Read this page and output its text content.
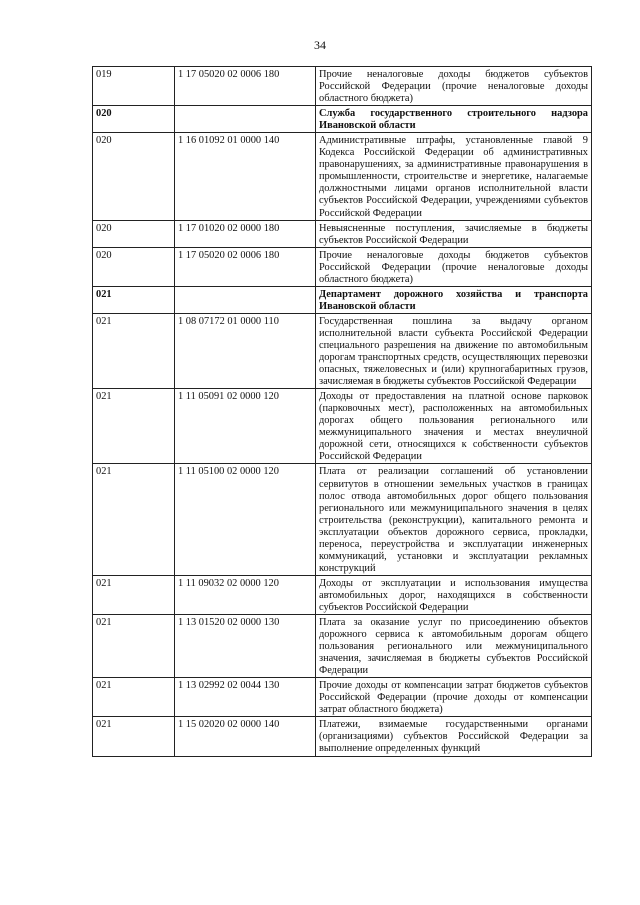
34
019	1 17 05020 02 0006 180	Прочие неналоговые доходы бюджетов субъектов Российской Федерации (прочие неналоговые доходы областного бюджета)
020		Служба государственного строительного надзора Ивановской области
020	1 16 01092 01 0000 140	Административные штрафы, установленные главой 9 Кодекса Российской Федерации об административных правонарушениях, за административные правонарушения в промышленности, строительстве и энергетике, налагаемые должностными лицами органов исполнительной власти субъектов Российской Федерации, учреждениями субъектов Российской Федерации
020	1 17 01020 02 0000 180	Невыясненные поступления, зачисляемые в бюджеты субъектов Российской Федерации
020	1 17 05020 02 0006 180	Прочие неналоговые доходы бюджетов субъектов Российской Федерации (прочие неналоговые доходы областного бюджета)
021		Департамент дорожного хозяйства и транспорта Ивановской области
021	1 08 07172 01 0000 110	Государственная пошлина за выдачу органом исполнительной власти субъекта Российской Федерации специального разрешения на движение по автомобильным дорогам транспортных средств, осуществляющих перевозки опасных, тяжеловесных и (или) крупногабаритных грузов, зачисляемая в бюджеты субъектов Российской Федерации
021	1 11 05091 02 0000 120	Доходы от предоставления на платной основе парковок (парковочных мест), расположенных на автомобильных дорогах общего пользования регионального или межмуниципального значения и местах внеуличной дорожной сети, относящихся к собственности субъектов Российской Федерации
021	1 11 05100 02 0000 120	Плата от реализации соглашений об установлении сервитутов в отношении земельных участков в границах полос отвода автомобильных дорог общего пользования регионального или межмуниципального значения в целях строительства (реконструкции), капитального ремонта и эксплуатации объектов дорожного сервиса, прокладки, переноса, переустройства и эксплуатации инженерных коммуникаций, установки и эксплуатации рекламных конструкций
021	1 11 09032 02 0000 120	Доходы от эксплуатации и использования имущества автомобильных дорог, находящихся в собственности субъектов Российской Федерации
021	1 13 01520 02 0000 130	Плата за оказание услуг по присоединению объектов дорожного сервиса к автомобильным дорогам общего пользования регионального или межмуниципального значения, зачисляемая в бюджеты субъектов Российской Федерации
021	1 13 02992 02 0044 130	Прочие доходы от компенсации затрат бюджетов субъектов Российской Федерации (прочие доходы от компенсации затрат областного бюджета)
021	1 15 02020 02 0000 140	Платежи, взимаемые государственными органами (организациями) субъектов Российской Федерации за выполнение определенных функций
